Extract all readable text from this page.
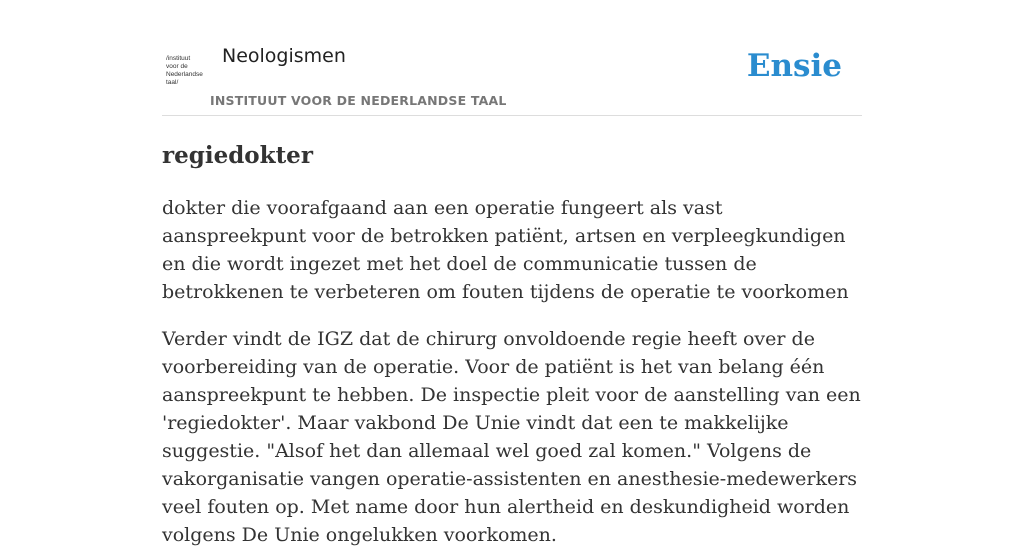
/instituut
voor de
Nederlandse
taal/
Neologismen
INSTITUUT VOOR DE NEDERLANDSE TAAL
Ensie
regiedokter

dokter die voorafgaand aan een operatie fungeert als vast aanspreekpunt voor de betrokken patiënt, artsen en verpleegkundigen en die wordt ingezet met het doel de communicatie tussen de betrokkenen te verbeteren om fouten tijdens de operatie te voorkomen

Verder vindt de IGZ dat de chirurg onvoldoende regie heeft over de voorbereiding van de operatie. Voor de patiënt is het van belang één aanspreekpunt te hebben. De inspectie pleit voor de aanstelling van een 'regiedokter'. Maar vakbond De Unie vindt dat een te makkelijke suggestie. "Alsof het dan allemaal wel goed zal komen." Volgens de vakorganisatie vangen operatie-assistenten en anesthesie-medewerkers veel fouten op. Met name door hun alertheid en deskundigheid worden volgens De Unie ongelukken voorkomen.
